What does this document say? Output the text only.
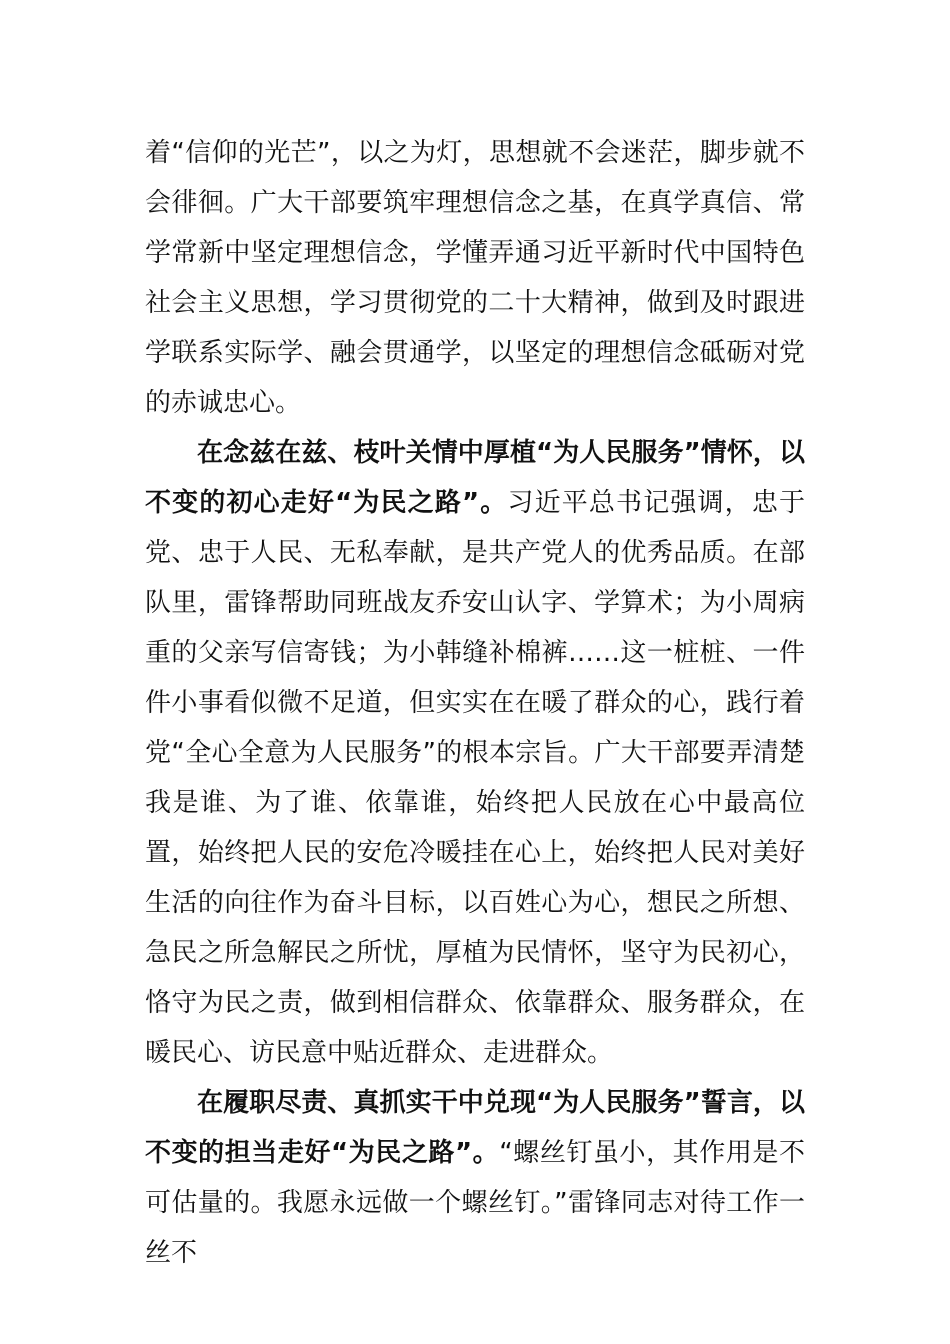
着“信仰的光芒”，以之为灯，思想就不会迷茫，脚步就不会徘徊。广大干部要筑牢理想信念之基，在真学真信、常学常新中坚定理想信念，学懂弄通习近平新时代中国特色社会主义思想，学习贯彻党的二十大精神，做到及时跟进学联系实际学、融会贯通学，以坚定的理想信念砥砺对党的赤诚忠心。

在念兹在兹、枝叶关情中厚植“为人民服务”情怀，以不变的初心走好“为民之路”。习近平总书记强调，忠于党、忠于人民、无私奉献，是共产党人的优秀品质。在部队里，雷锋帮助同班战友乔安山认字、学算术；为小周病重的父亲写信寄钱；为小韩缝补棉裤……这一桩桩、一件件小事看似微不足道，但实实在在暖了群众的心，践行着党“全心全意为人民服务”的根本宗旨。广大干部要弄清楚我是谁、为了谁、依靠谁，始终把人民放在心中最高位置，始终把人民的安危冷暖挂在心上，始终把人民对美好生活的向往作为奋斗目标，以百姓心为心，想民之所想、急民之所急解民之所忧，厚植为民情怀，坚守为民初心，恪守为民之责，做到相信群众、依靠群众、服务群众，在暖民心、访民意中贴近群众、走进群众。

在履职尽责、真抓实干中兑现“为人民服务”誓言，以不变的担当走好“为民之路”。“螺丝钉虽小，其作用是不可估量的。我愿永远做一个螺丝钉。”雷锋同志对待工作一丝不
